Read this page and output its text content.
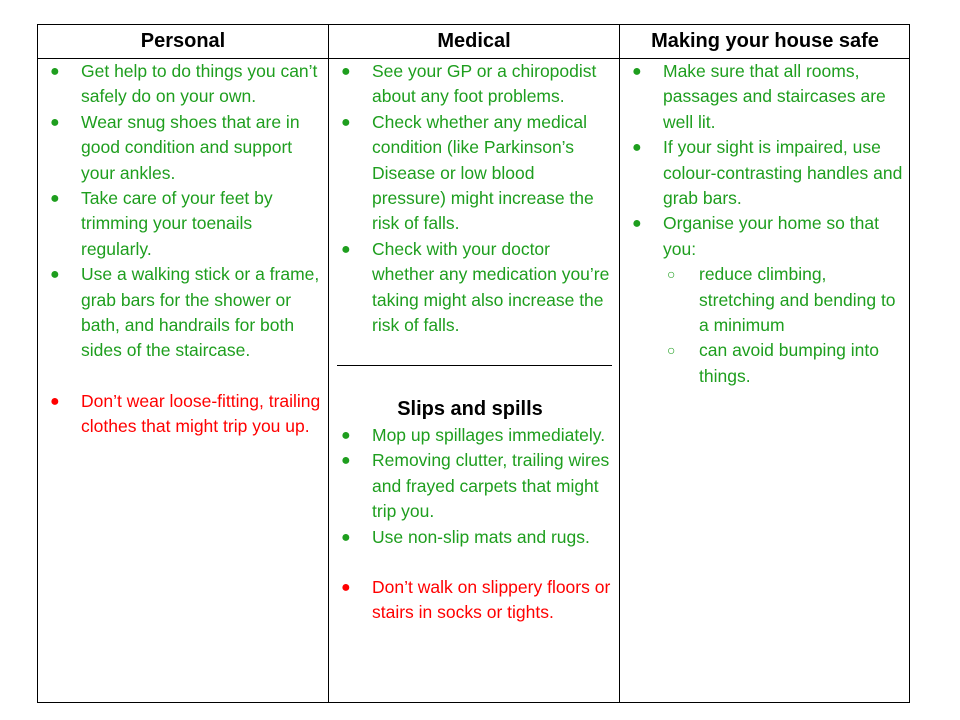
Personal	Medical	Making your house safe
● Get help to do things you can’t safely do on your own.
● Wear snug shoes that are in good condition and support your ankles.
● Take care of your feet by trimming your toenails regularly.
● Use a walking stick or a frame, grab bars for the shower or bath, and handrails for both sides of the staircase.
● Don’t wear loose-fitting, trailing clothes that might trip you up.
● See your GP or a chiropodist about any foot problems.
● Check whether any medical condition (like Parkinson’s Disease or low blood pressure) might increase the risk of falls.
● Check with your doctor whether any medication you’re taking might also increase the risk of falls.
Slips and spills
● Mop up spillages immediately.
● Removing clutter, trailing wires and frayed carpets that might trip you.
● Use non-slip mats and rugs.
● Don’t walk on slippery floors or stairs in socks or tights.
● Make sure that all rooms, passages and staircases are well lit.
● If your sight is impaired, use colour-contrasting handles and grab bars.
● Organise your home so that you:
○ reduce climbing, stretching and bending to a minimum
○ can avoid bumping into things.
